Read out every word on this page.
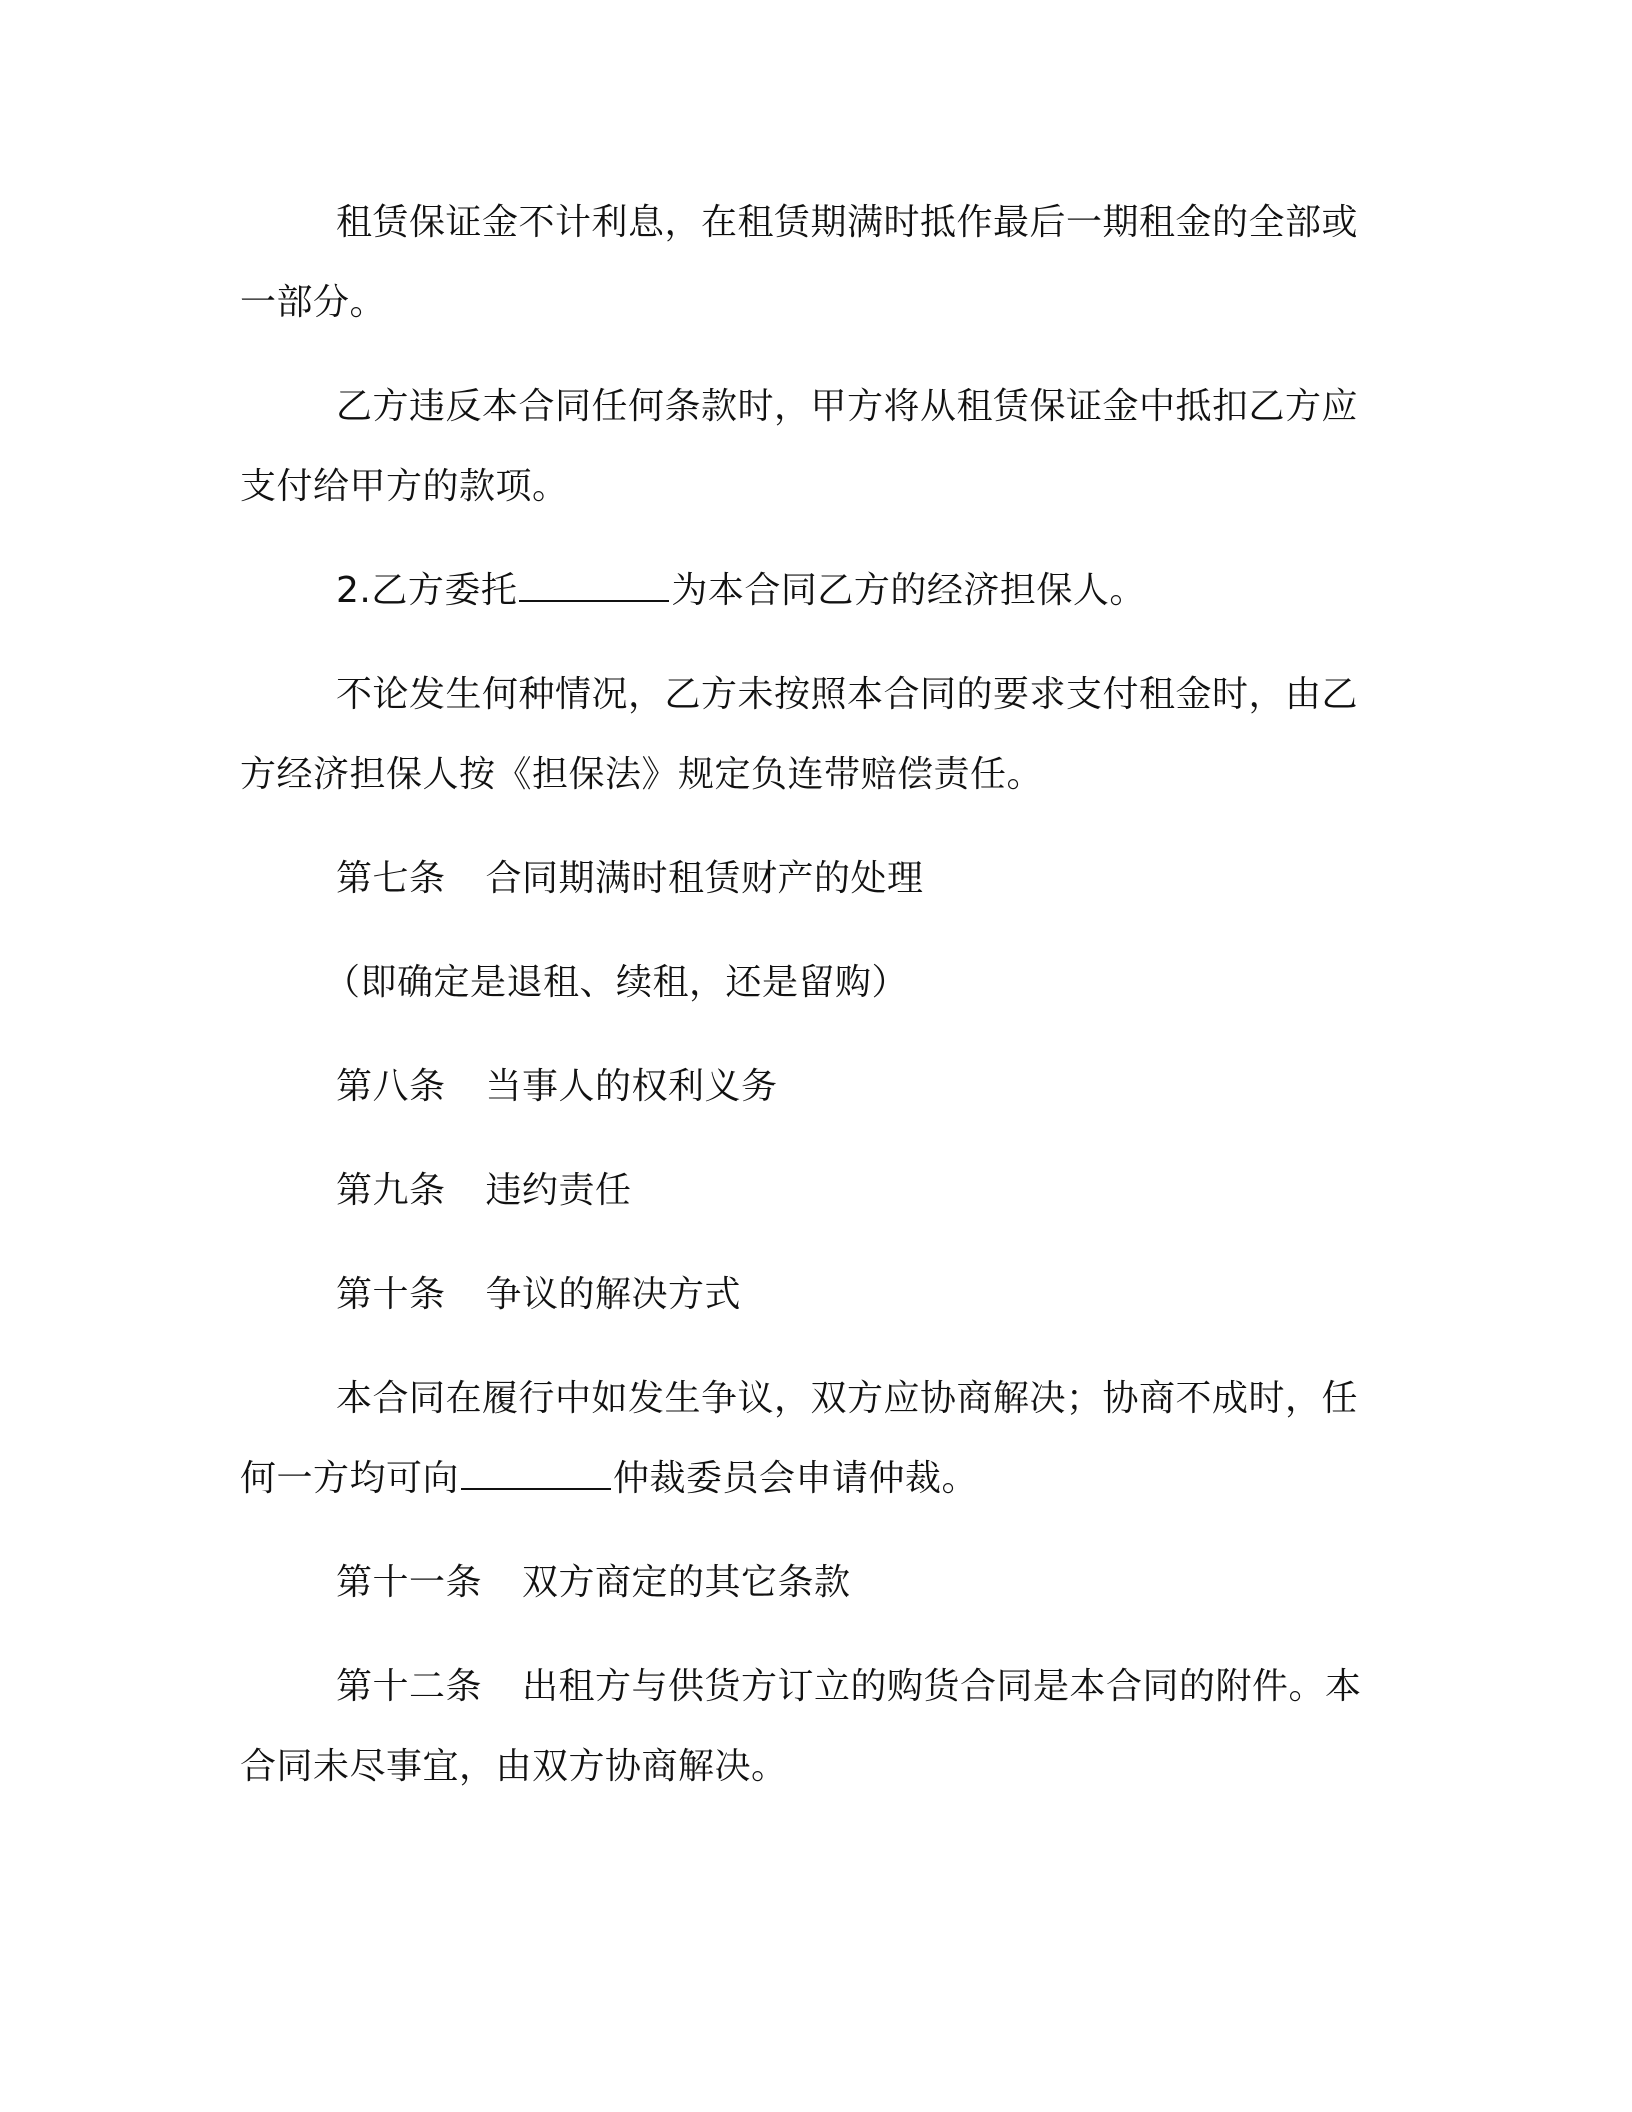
租赁保证金不计利息，在租赁期满时抵作最后一期租金的全部或一部分。

乙方违反本合同任何条款时，甲方将从租赁保证金中抵扣乙方应支付给甲方的款项。

2.乙方委托	为本合同乙方的经济担保人。

不论发生何种情况，乙方未按照本合同的要求支付租金时，由乙方经济担保人按《担保法》规定负连带赔偿责任。

第七条 合同期满时租赁财产的处理

（即确定是退租、续租，还是留购）

第八条 当事人的权利义务

第九条 违约责任

第十条 争议的解决方式

本合同在履行中如发生争议，双方应协商解决；协商不成时，任何一方均可向	仲裁委员会申请仲裁。

第十一条 双方商定的其它条款

第十二条 出租方与供货方订立的购货合同是本合同的附件。本合同未尽事宜，由双方协商解决。
